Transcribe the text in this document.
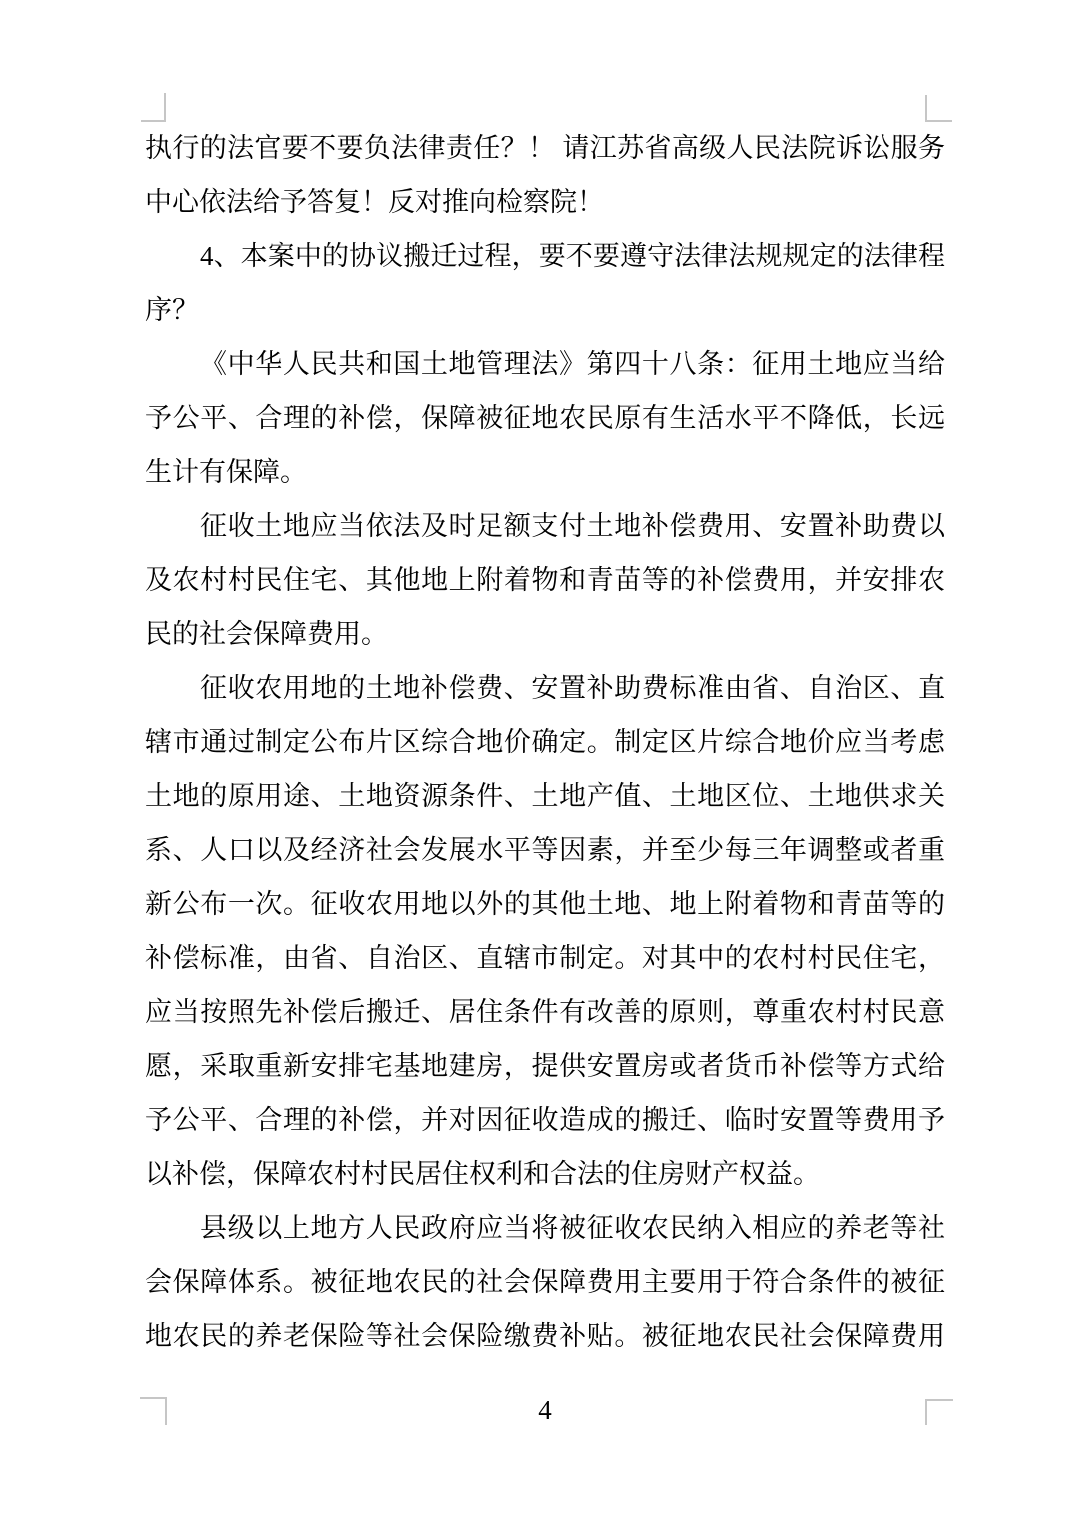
执行的法官要不要负法律责任？！ 请江苏省高级人民法院诉讼服务
中心依法给予答复！反对推向检察院！
4、本案中的协议搬迁过程，要不要遵守法律法规规定的法律程
序？
《中华人民共和国土地管理法》第四十八条：征用土地应当给
予公平、合理的补偿，保障被征地农民原有生活水平不降低，长远
生计有保障。
征收土地应当依法及时足额支付土地补偿费用、安置补助费以
及农村村民住宅、其他地上附着物和青苗等的补偿费用，并安排农
民的社会保障费用。
征收农用地的土地补偿费、安置补助费标准由省、自治区、直
辖市通过制定公布片区综合地价确定。制定区片综合地价应当考虑
土地的原用途、土地资源条件、土地产值、土地区位、土地供求关
系、人口以及经济社会发展水平等因素，并至少每三年调整或者重
新公布一次。征收农用地以外的其他土地、地上附着物和青苗等的
补偿标准，由省、自治区、直辖市制定。对其中的农村村民住宅，
应当按照先补偿后搬迁、居住条件有改善的原则，尊重农村村民意
愿，采取重新安排宅基地建房，提供安置房或者货币补偿等方式给
予公平、合理的补偿，并对因征收造成的搬迁、临时安置等费用予
以补偿，保障农村村民居住权利和合法的住房财产权益。
县级以上地方人民政府应当将被征收农民纳入相应的养老等社
会保障体系。被征地农民的社会保障费用主要用于符合条件的被征
地农民的养老保险等社会保险缴费补贴。被征地农民社会保障费用
4
